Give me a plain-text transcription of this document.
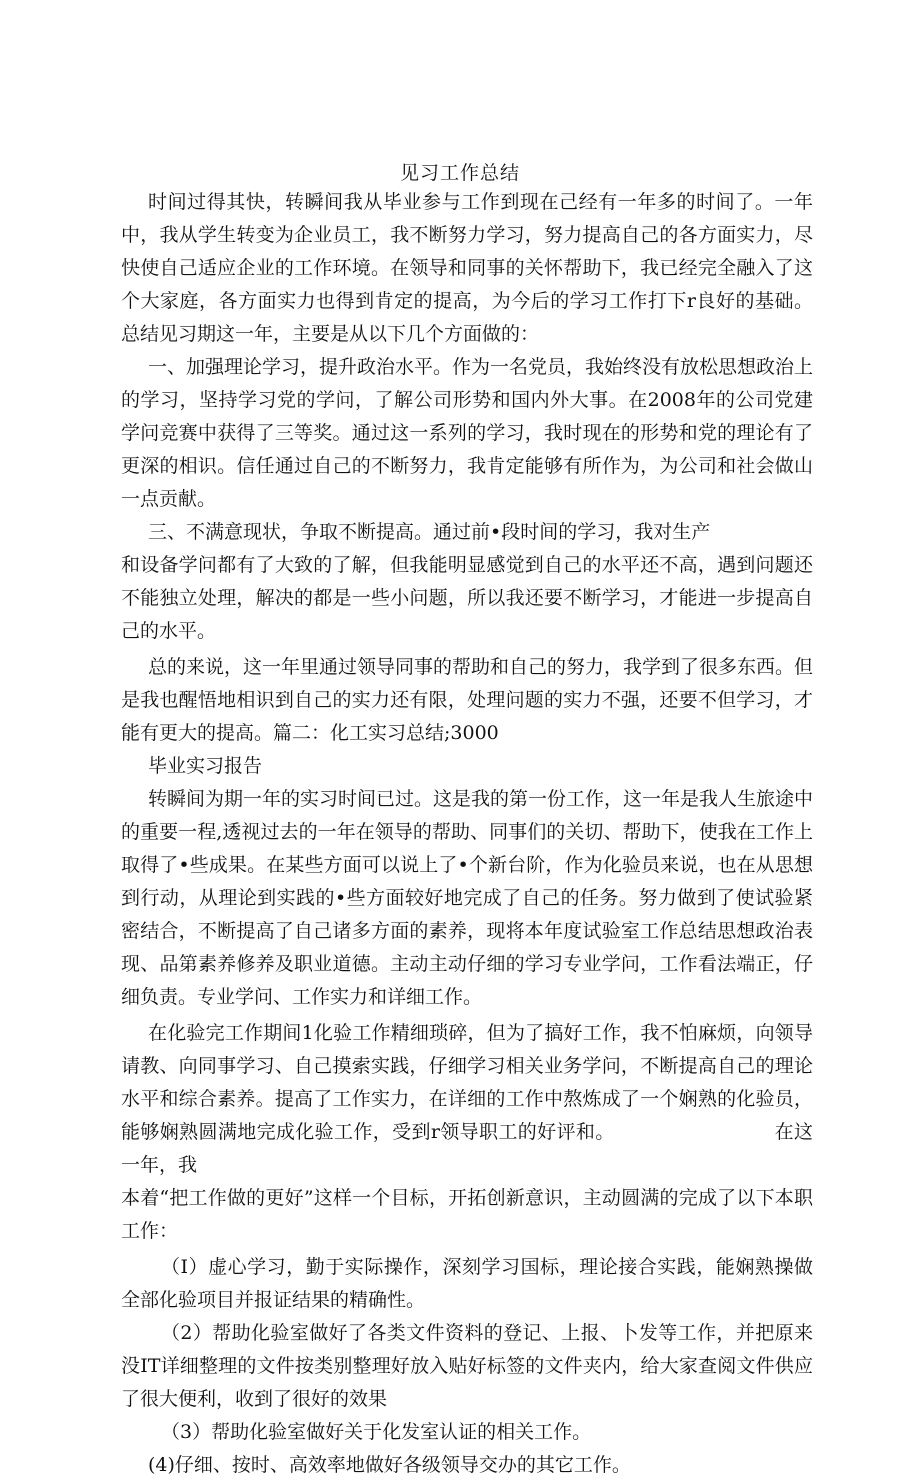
见习工作总结

时间过得其快，转瞬间我从毕业参与工作到现在己经有一年多的时间了。一年中，我从学生转变为企业员工，我不断努力学习，努力提高自己的各方面实力，尽快使自己适应企业的工作环境。在领导和同事的关怀帮助下，我已经完全融入了这个大家庭，各方面实力也得到肯定的提高，为今后的学习工作打下r良好的基础。总结见习期这一年，主要是从以下几个方面做的：

一、加强理论学习，提升政治水平。作为一名党员，我始终没有放松思想政治上的学习，坚持学习党的学问，了解公司形势和国内外大事。在2008年的公司党建学问竞赛中获得了三等奖。通过这一系列的学习，我时现在的形势和党的理论有了更深的相识。信任通过自己的不断努力，我肯定能够有所作为，为公司和社会做山一点贡献。

三、不满意现状，争取不断提高。通过前•段时间的学习，我对生产

和设备学问都有了大致的了解，但我能明显感觉到自己的水平还不高，遇到问题还不能独立处理，解决的都是一些小问题，所以我还要不断学习，才能进一步提高自己的水平。

总的来说，这一年里通过领导同事的帮助和自己的努力，我学到了很多东西。但是我也醒悟地相识到自己的实力还有限，处理问题的实力不强，还要不但学习，才能有更大的提高。篇二：化工实习总结;3000

毕业实习报告

转瞬间为期一年的实习时间已过。这是我的第一份工作，这一年是我人生旅途中的重要一程,透视过去的一年在领导的帮助、同事们的关切、帮助下，使我在工作上取得了•些成果。在某些方面可以说上了•个新台阶，作为化验员来说，也在从思想到行动，从理论到实践的•些方面较好地完成了自己的任务。努力做到了使试验紧密结合，不断提高了自己诸多方面的素养，现将本年度试验室工作总结思想政治表现、品第素养修养及职业道德。主动主动仔细的学习专业学问，工作看法端正，仔细负责。专业学问、工作实力和详细工作。

在化验完工作期间1化验工作精细琐碎，但为了搞好工作，我不怕麻烦，向领导请教、向同事学习、自己摸索实践，仔细学习相关业务学问，不断提高自己的理论水平和综合素养。提高了工作实力，在详细的工作中熬炼成了一个娴熟的化验员，能够娴熟圆满地完成化验工作，受到r领导职工的好评和。	在这一年，我

本着“把工作做的更好”这样一个目标，开拓创新意识，主动圆满的完成了以下本职工作：

（I）虚心学习，勤于实际操作，深刻学习国标，理论接合实践，能娴熟操做全部化验项目并报证结果的精确性。

（2）帮助化验室做好了各类文件资料的登记、上报、卜发等工作，并把原来没IT详细整理的文件按类别整理好放入贴好标签的文件夹内，给大家查阅文件供应了很大便利，收到了很好的效果

（3）帮助化验室做好关于化发室认证的相关工作。

(4)仔细、按时、高效率地做好各级领导交办的其它工作。
